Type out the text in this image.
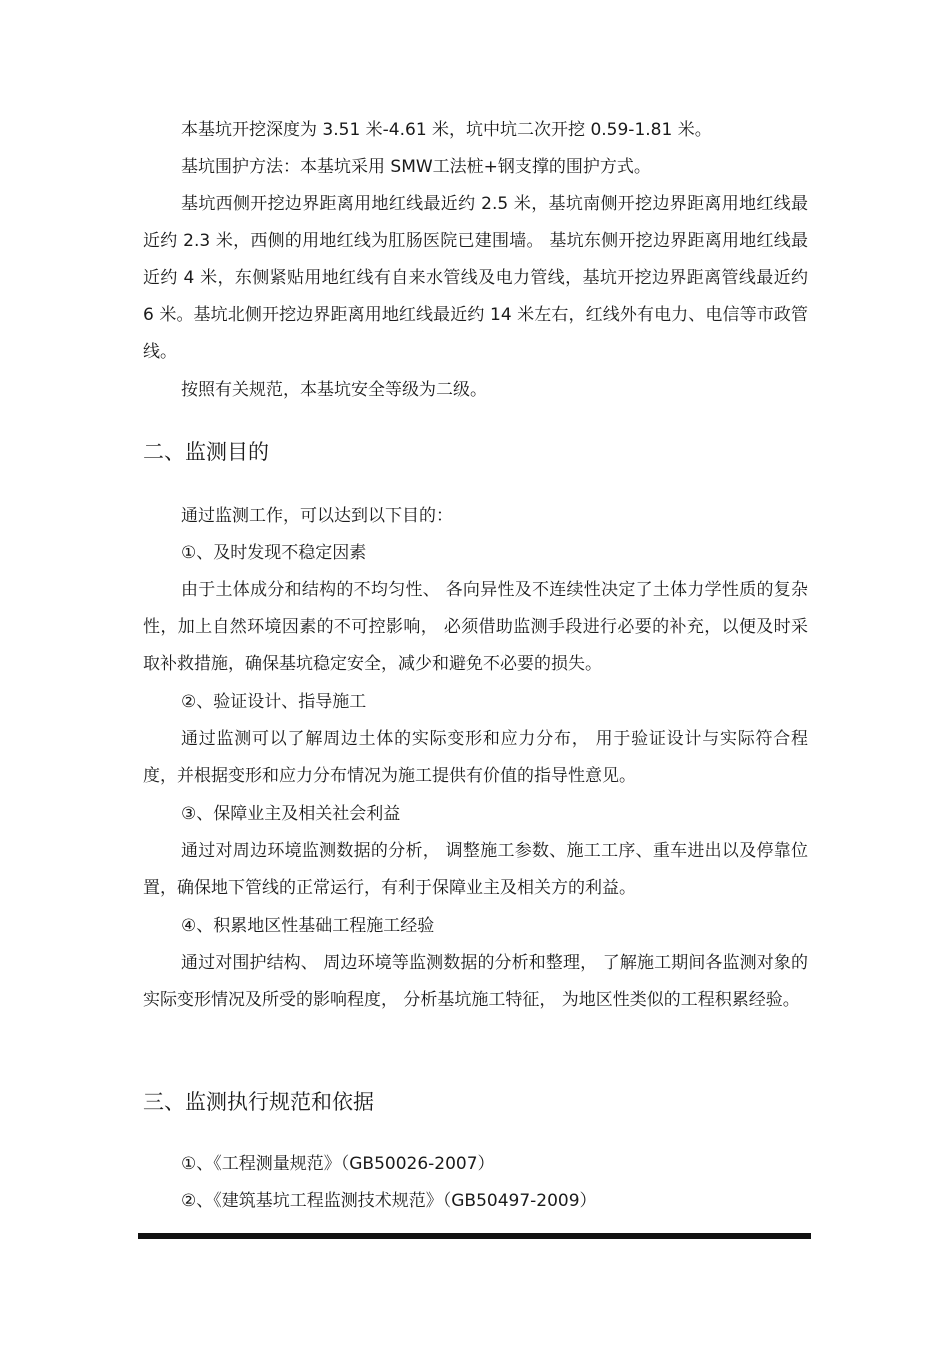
本基坑开挖深度为 3.51 米-4.61 米，坑中坑二次开挖 0.59-1.81 米。

基坑围护方法：本基坑采用 SMW工法桩+钢支撑的围护方式。

基坑西侧开挖边界距离用地红线最近约 2.5 米，基坑南侧开挖边界距离用地红线最近约 2.3 米，西侧的用地红线为肛肠医院已建围墙。 基坑东侧开挖边界距离用地红线最近约 4 米，东侧紧贴用地红线有自来水管线及电力管线，基坑开挖边界距离管线最近约 6 米。基坑北侧开挖边界距离用地红线最近约 14 米左右，红线外有电力、电信等市政管线。

按照有关规范，本基坑安全等级为二级。

二、监测目的

通过监测工作，可以达到以下目的：

①、及时发现不稳定因素

由于土体成分和结构的不均匀性、 各向异性及不连续性决定了土体力学性质的复杂性，加上自然环境因素的不可控影响， 必须借助监测手段进行必要的补充，以便及时采取补救措施，确保基坑稳定安全，减少和避免不必要的损失。

②、验证设计、指导施工

通过监测可以了解周边土体的实际变形和应力分布， 用于验证设计与实际符合程度，并根据变形和应力分布情况为施工提供有价值的指导性意见。

③、保障业主及相关社会利益

通过对周边环境监测数据的分析， 调整施工参数、施工工序、重车进出以及停靠位置，确保地下管线的正常运行，有利于保障业主及相关方的利益。

④、积累地区性基础工程施工经验

通过对围护结构、 周边环境等监测数据的分析和整理， 了解施工期间各监测对象的实际变形情况及所受的影响程度， 分析基坑施工特征， 为地区性类似的工程积累经验。

三、监测执行规范和依据

①、《工程测量规范》（GB50026-2007）

②、《建筑基坑工程监测技术规范》（GB50497-2009）
